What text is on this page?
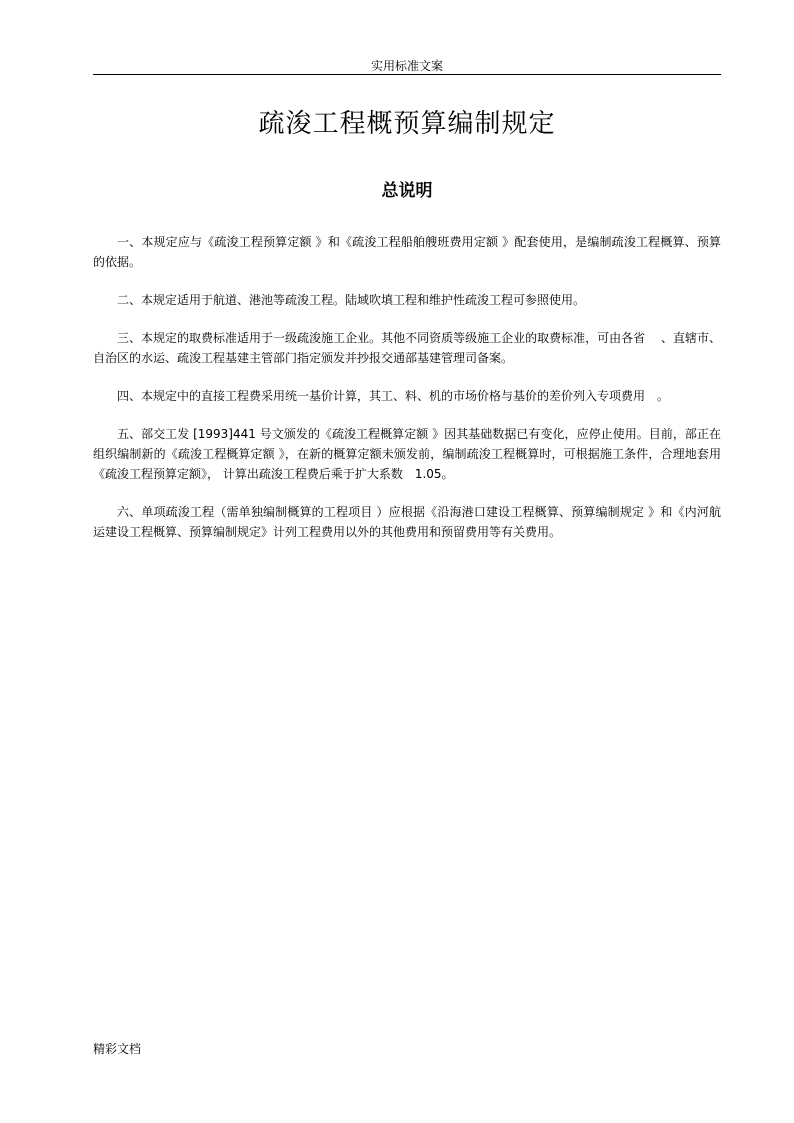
实用标准文案
疏浚工程概预算编制规定
总说明

一、本规定应与《疏浚工程预算定额 》和《疏浚工程船舶艘班费用定额 》配套使用，是编制疏浚工程概算、预算的依据。

二、本规定适用于航道、港池等疏浚工程。陆域吹填工程和维护性疏浚工程可参照使用。

三、本规定的取费标准适用于一级疏浚施工企业。其他不同资质等级施工企业的取费标准，可由各省　 、直辖市、自治区的水运、疏浚工程基建主管部门指定颁发并抄报交通部基建管理司备案。

四、本规定中的直接工程费采用统一基价计算，其工、料、机的市场价格与基价的差价列入专项费用　。

五、部交工发 [1993]441 号文颁发的《疏浚工程概算定额 》因其基础数据已有变化，应停止使用。目前，部正在组织编制新的《疏浚工程概算定额 》，在新的概算定额未颁发前，编制疏浚工程概算时，可根据施工条件，合理地套用《疏浚工程预算定额》， 计算出疏浚工程费后乘于扩大系数　1.05。

六、单项疏浚工程（需单独编制概算的工程项目 ）应根据《沿海港口建设工程概算、预算编制规定 》和《内河航运建设工程概算、预算编制规定》计列工程费用以外的其他费用和预留费用等有关费用。

精彩文档
